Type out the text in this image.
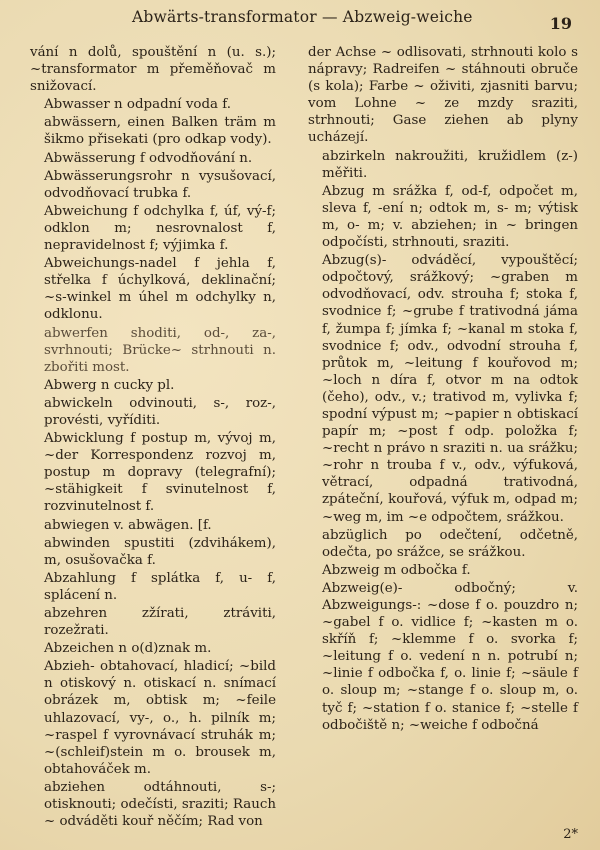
Abwärts-transformator — Abzweig-weiche	19
vání n dolů, spouštění n (u. s.); ~transformator m přeměňovač m snižovací.
Abwasser n odpadní voda f.
abwässern, einen Balken träm m šikmo přisekati (pro odkap vody).
Abwässerung f odvodňování n.
Abwässerungsrohr n vysušovací, odvodňovací trubka f.
Abweichung f odchylka f, úf, vý-f; odklon m; nesrovnalost f, nepravidelnost f; výjimka f.
Abweichungs-nadel f jehla f, střelka f úchylková, deklinační; ~s-winkel m úhel m odchylky n, odklonu.
abwerfen shoditi, od-, za-, svrhnouti; Brücke~ strhnouti n. zbořiti most.
Abwerg n cucky pl.
abwickeln odvinouti, s-, roz-, provésti, vyříditi.
Abwicklung f postup m, vývoj m, ~der Korrespondenz rozvoj m, postup m dopravy (telegrafní); ~stähigkeit f svinutelnost f, rozvinutelnost f.
abwiegen v. abwägen. [f.
abwinden spustiti (zdvihákem), m, osušovačka f.
Abzahlung f splátka f, u- f, splácení n.
abzehren zžírati, ztráviti, rozežrati.
Abzeichen n o(d)znak m.
Abzieh- obtahovací, hladicí; ~bild n otiskový n. otiskací n. snímací obrázek m, obtisk m; ~feile uhlazovací, vy-, o., h. pilník m; ~raspel f vyrovnávací struhák m; ~(schleif)stein m o. brousek m, obtahováček m.
abziehen odtáhnouti, s-; otisknouti; odečísti, sraziti; Rauch ~ odváděti kouř něčím; Rad von
der Achse ~ odlisovati, strhnouti kolo s nápravy; Radreifen ~ stáhnouti obruče (s kola); Farbe ~ oživiti, zjasniti barvu; vom Lohne ~ ze mzdy sraziti, strhnouti; Gase ziehen ab plyny ucházejí.
abzirkeln nakroužiti, kružidlem (z-) měřiti.
Abzug m srážka f, od-f, odpočet m, sleva f, -ení n; odtok m, s- m; výtisk m, o- m; v. abziehen; in ~ bringen odpočísti, strhnouti, sraziti.
Abzug(s)- odváděcí, vypouštěcí; odpočtový, srážkový; ~graben m odvodňovací, odv. strouha f; stoka f, svodnice f; ~grube f trativodná jáma f, žumpa f; jímka f; ~kanal m stoka f, svodnice f; odv., odvodní strouha f, průtok m, ~leitung f kouřovod m; ~loch n díra f, otvor m na odtok (čeho), odv., v.; trativod m, vylivka f; spodní výpust m; ~papier n obtiskací papír m; ~post f odp. položka f; ~recht n právo n sraziti n. ua srážku; ~rohr n trouba f v., odv., výfuková, větrací, odpadná trativodná, zpáteční, kouřová, výfuk m, odpad m; ~weg m, im ~e odpočtem, srážkou.
abzüglich po odečtení, odčetně, odečta, po srážce, se srážkou.
Abzweig m odbočka f.
Abzweig(e)- odbočný; v. Abzweigungs-: ~dose f o. pouzdro n; ~gabel f o. vidlice f; ~kasten m o. skříň f; ~klemme f o. svorka f; ~leitung f o. vedení n n. potrubí n; ~linie f odbočka f, o. linie f; ~säule f o. sloup m; ~stange f o. sloup m, o. tyč f; ~station f o. stanice f; ~stelle f odbočiště n; ~weiche f odbočná
2*
